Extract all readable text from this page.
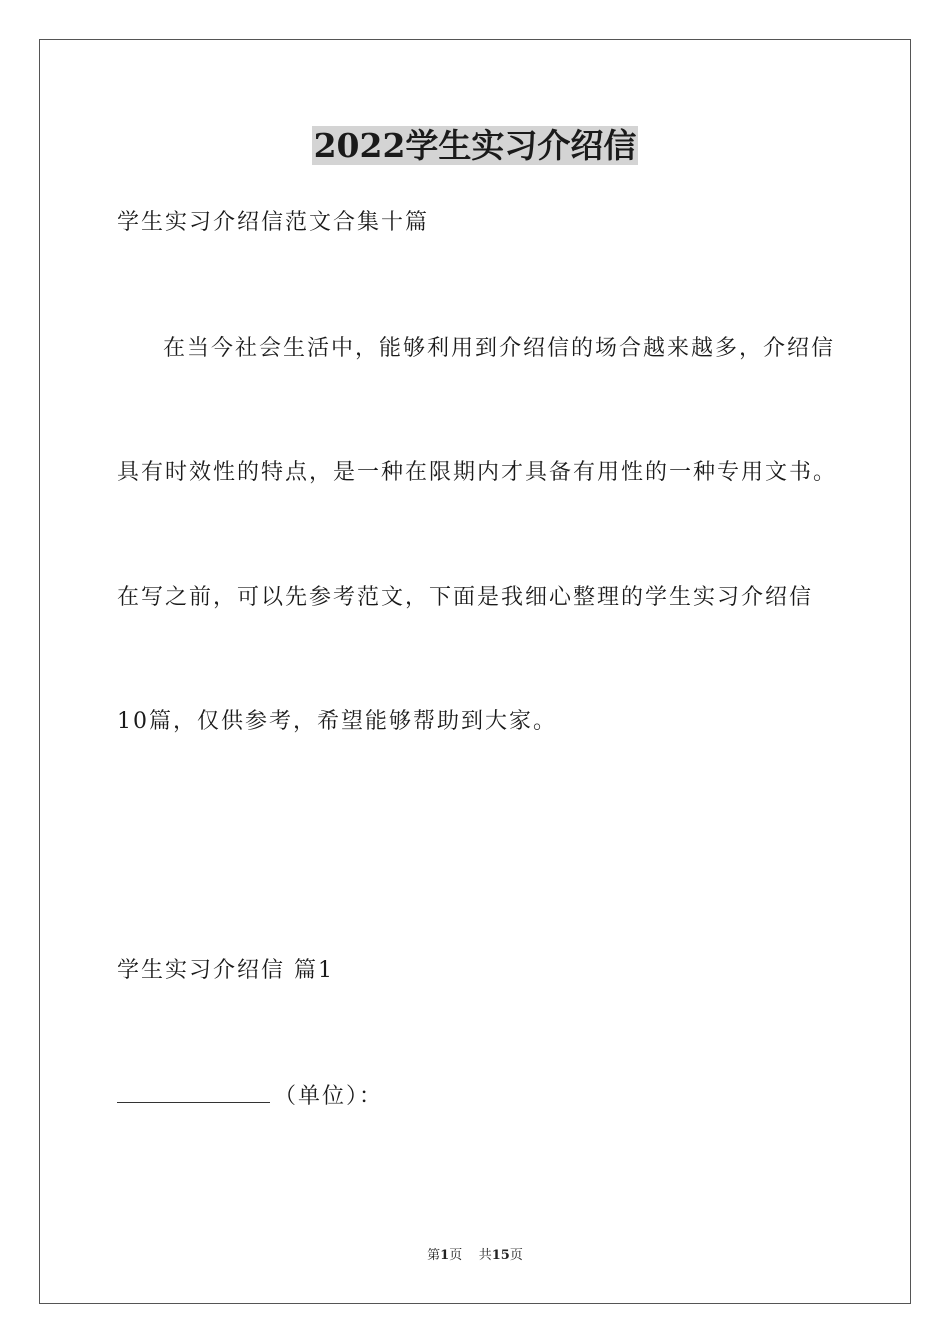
2022学生实习介绍信
学生实习介绍信范文合集十篇
在当今社会生活中，能够利用到介绍信的场合越来越多，介绍信
具有时效性的特点，是一种在限期内才具备有用性的一种专用文书。
在写之前，可以先参考范文，下面是我细心整理的学生实习介绍信
10篇，仅供参考，希望能够帮助到大家。
学生实习介绍信 篇1
（单位）：
第1页 共15页
